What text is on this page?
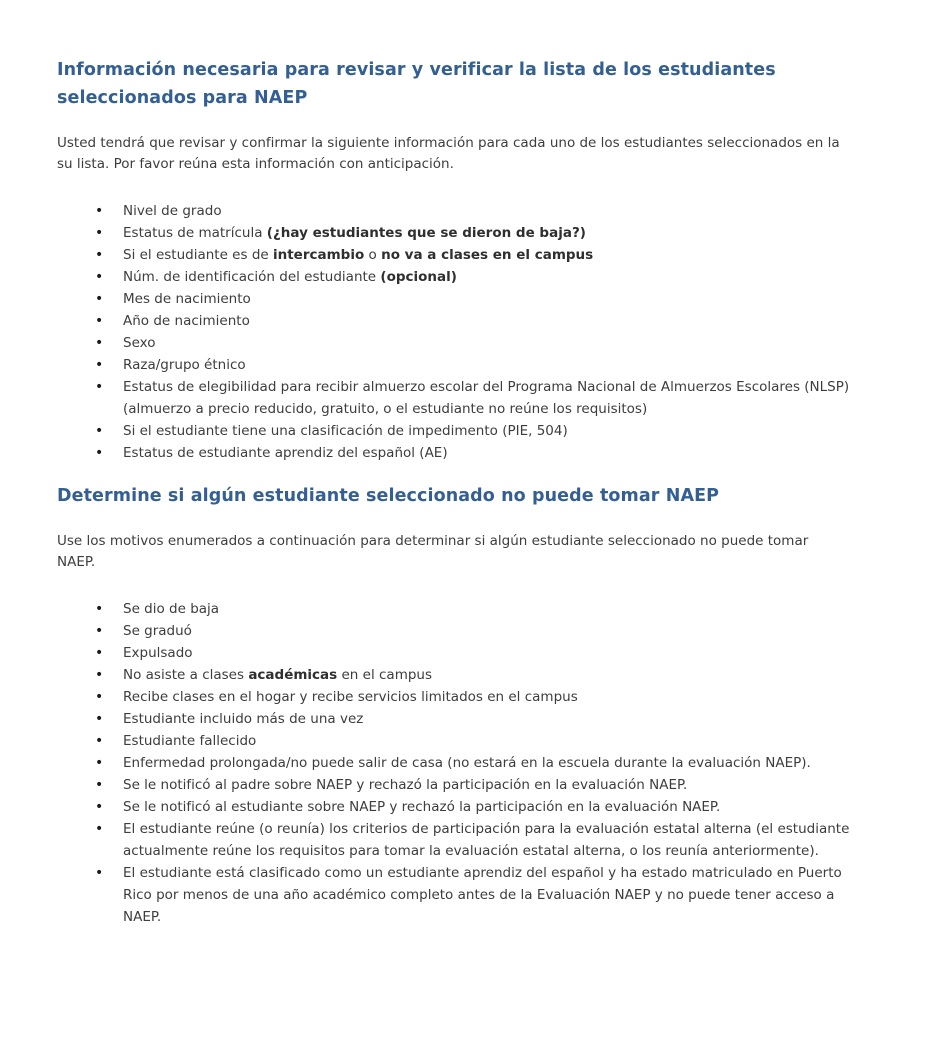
Información necesaria para revisar y verificar la lista de los estudiantes seleccionados para NAEP

Usted tendrá que revisar y confirmar la siguiente información para cada uno de los estudiantes seleccionados en la su lista. Por favor reúna esta información con anticipación.

• Nivel de grado
• Estatus de matrícula (¿hay estudiantes que se dieron de baja?)
• Si el estudiante es de intercambio o no va a clases en el campus
• Núm. de identificación del estudiante (opcional)
• Mes de nacimiento
• Año de nacimiento
• Sexo
• Raza/grupo étnico
• Estatus de elegibilidad para recibir almuerzo escolar del Programa Nacional de Almuerzos Escolares (NLSP) (almuerzo a precio reducido, gratuito, o el estudiante no reúne los requisitos)
• Si el estudiante tiene una clasificación de impedimento (PIE, 504)
• Estatus de estudiante aprendiz del español (AE)
Determine si algún estudiante seleccionado no puede tomar NAEP

Use los motivos enumerados a continuación para determinar si algún estudiante seleccionado no puede tomar NAEP.

• Se dio de baja
• Se graduó
• Expulsado
• No asiste a clases académicas en el campus
• Recibe clases en el hogar y recibe servicios limitados en el campus
• Estudiante incluido más de una vez
• Estudiante fallecido
• Enfermedad prolongada/no puede salir de casa (no estará en la escuela durante la evaluación NAEP).
• Se le notificó al padre sobre NAEP y rechazó la participación en la evaluación NAEP.
• Se le notificó al estudiante sobre NAEP y rechazó la participación en la evaluación NAEP.
• El estudiante reúne (o reunía) los criterios de participación para la evaluación estatal alterna (el estudiante actualmente reúne los requisitos para tomar la evaluación estatal alterna, o los reunía anteriormente).
• El estudiante está clasificado como un estudiante aprendiz del español y ha estado matriculado en Puerto Rico por menos de una año académico completo antes de la Evaluación NAEP y no puede tener acceso a NAEP.
